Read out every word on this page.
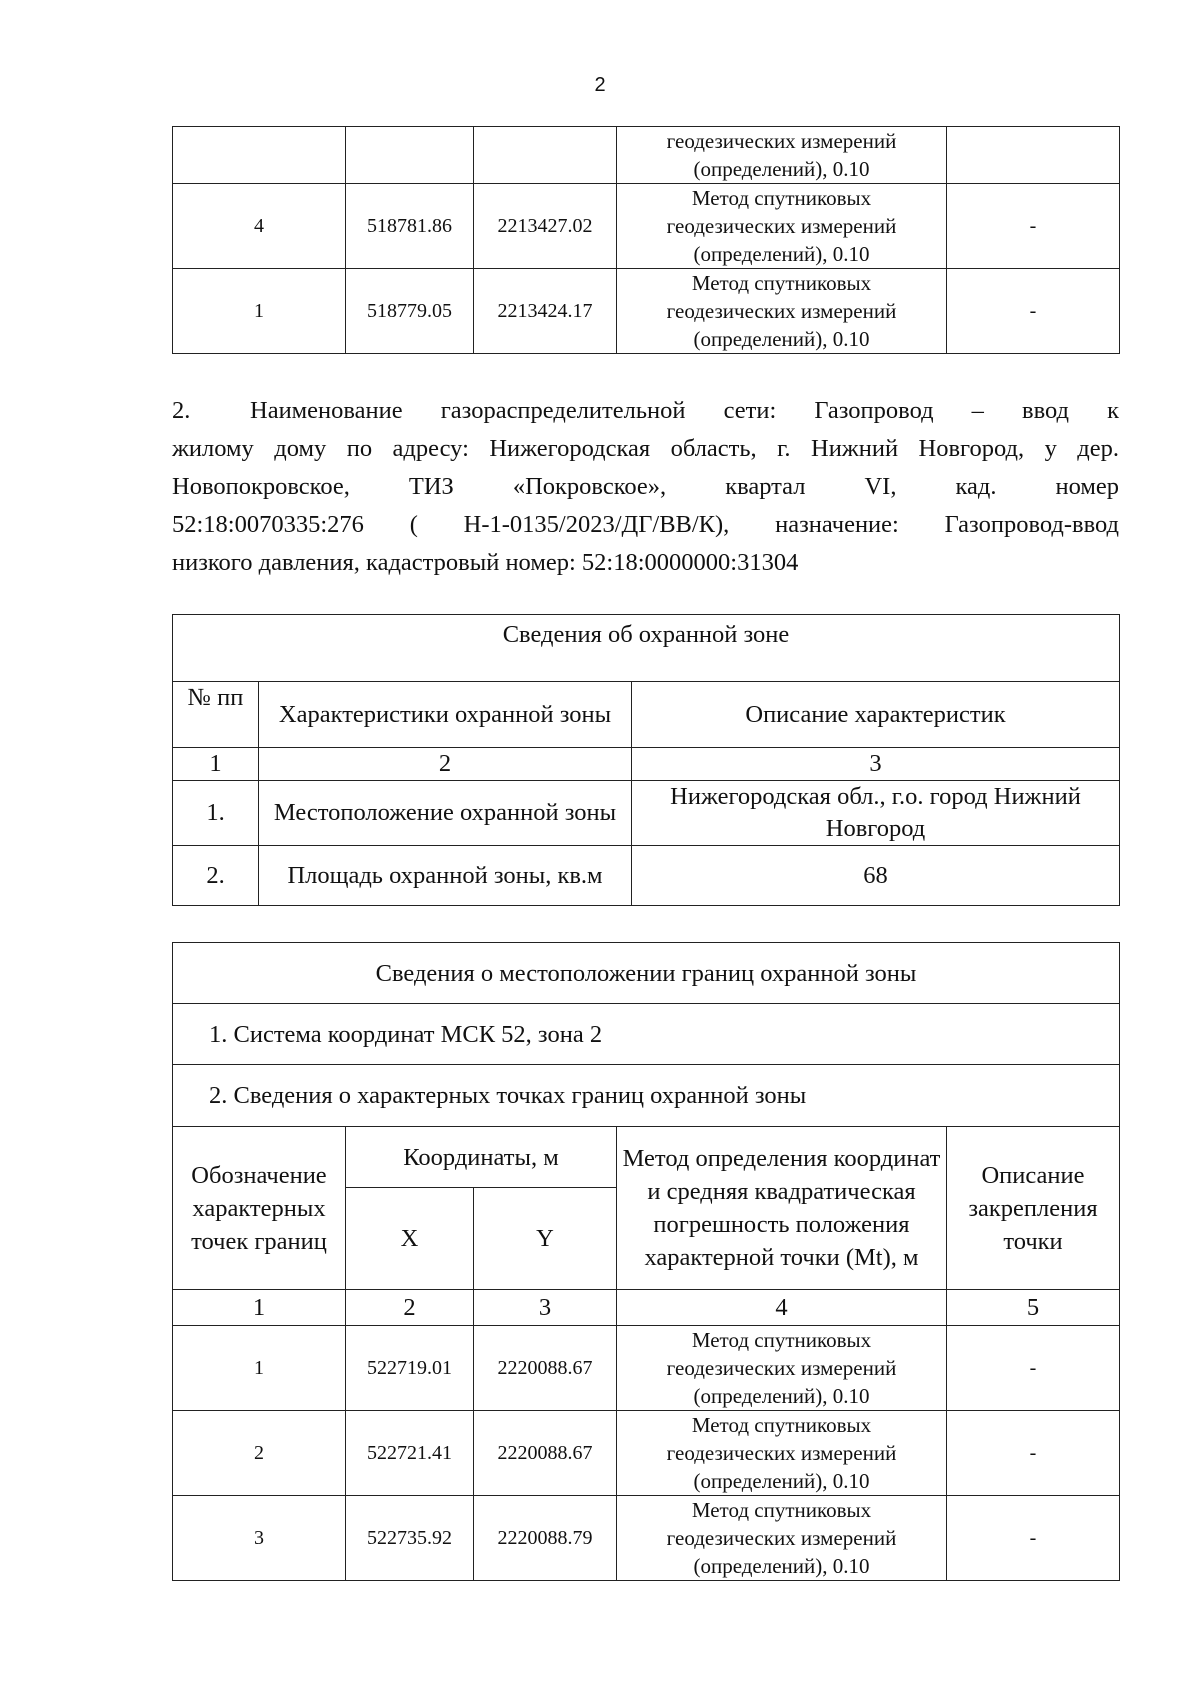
2

			геодезических измерений
(определений), 0.10	

4	518781.86	2213427.02	Метод спутниковых
геодезических измерений
(определений), 0.10	-
1	518779.05	2213424.17	Метод спутниковых
геодезических измерений
(определений), 0.10	-
2. Наименование газораспределительной сети: Газопровод – ввод к
жилому дому по адресу: Нижегородская область, г. Нижний Новгород, у дер.
Новопокровское, ТИЗ «Покровское», квартал VI, кад. номер
52:18:0070335:276 ( Н-1-0135/2023/ДГ/ВВ/К), назначение: Газопровод-ввод
низкого давления, кадастровый номер: 52:18:0000000:31304
Сведения об охранной зоне		
№ пп	Характеристики охранной зоны	Описание характеристик
1	2	3
1.	Местоположение охранной зоны	Нижегородская обл., г.о. город Нижний Новгород
2.	Площадь охранной зоны, кв.м	68
Сведения о местоположении границ охранной зоны				
1. Система координат МСК 52, зона 2				
2. Сведения о характерных точках границ охранной зоны				
Обозначение характерных точек границ	Координаты, м		Метод определения координат и средняя квадратическая погрешность положения характерной точки (Mt), м	Описание закрепления точки
	X	Y		
1	2	3	4	5
1	522719.01	2220088.67	Метод спутниковых
геодезических измерений
(определений), 0.10	-
2	522721.41	2220088.67	Метод спутниковых
геодезических измерений
(определений), 0.10	-
3	522735.92	2220088.79	Метод спутниковых
геодезических измерений
(определений), 0.10	-
